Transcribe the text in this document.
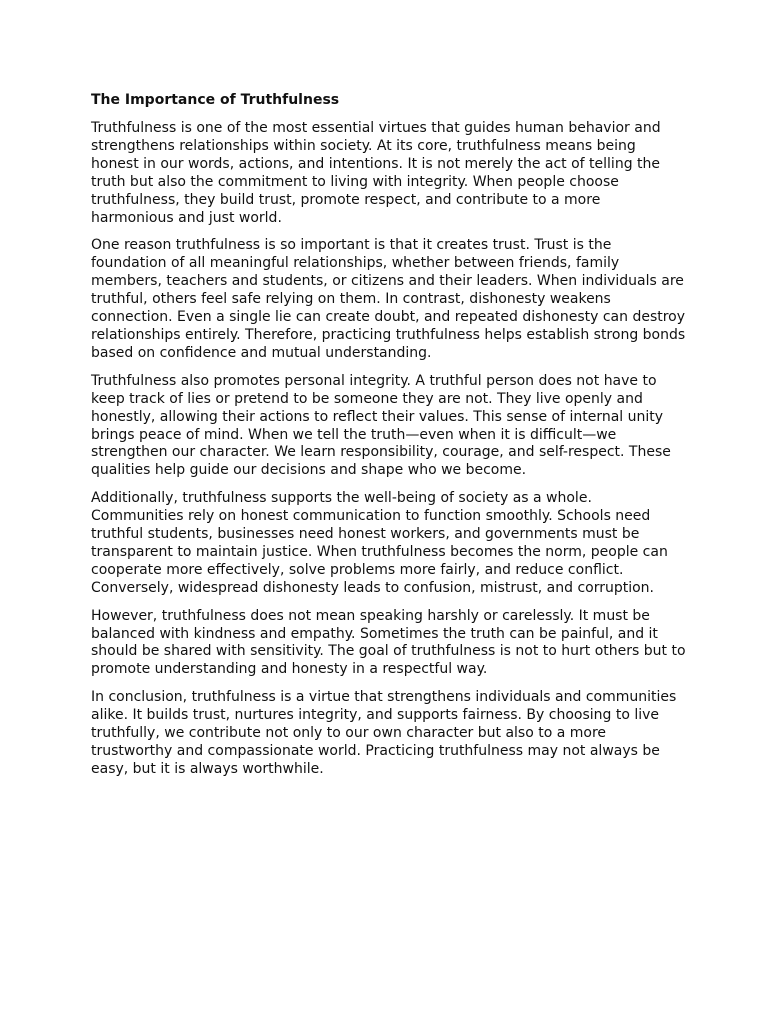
The Importance of Truthfulness

Truthfulness is one of the most essential virtues that guides human behavior and strengthens relationships within society. At its core, truthfulness means being honest in our words, actions, and intentions. It is not merely the act of telling the truth but also the commitment to living with integrity. When people choose truthfulness, they build trust, promote respect, and contribute to a more harmonious and just world.

One reason truthfulness is so important is that it creates trust. Trust is the foundation of all meaningful relationships, whether between friends, family members, teachers and students, or citizens and their leaders. When individuals are truthful, others feel safe relying on them. In contrast, dishonesty weakens connection. Even a single lie can create doubt, and repeated dishonesty can destroy relationships entirely. Therefore, practicing truthfulness helps establish strong bonds based on confidence and mutual understanding.

Truthfulness also promotes personal integrity. A truthful person does not have to keep track of lies or pretend to be someone they are not. They live openly and honestly, allowing their actions to reflect their values. This sense of internal unity brings peace of mind. When we tell the truth—even when it is difficult—we strengthen our character. We learn responsibility, courage, and self-respect. These qualities help guide our decisions and shape who we become.

Additionally, truthfulness supports the well-being of society as a whole. Communities rely on honest communication to function smoothly. Schools need truthful students, businesses need honest workers, and governments must be transparent to maintain justice. When truthfulness becomes the norm, people can cooperate more effectively, solve problems more fairly, and reduce conflict. Conversely, widespread dishonesty leads to confusion, mistrust, and corruption.

However, truthfulness does not mean speaking harshly or carelessly. It must be balanced with kindness and empathy. Sometimes the truth can be painful, and it should be shared with sensitivity. The goal of truthfulness is not to hurt others but to promote understanding and honesty in a respectful way.

In conclusion, truthfulness is a virtue that strengthens individuals and communities alike. It builds trust, nurtures integrity, and supports fairness. By choosing to live truthfully, we contribute not only to our own character but also to a more trustworthy and compassionate world. Practicing truthfulness may not always be easy, but it is always worthwhile.
